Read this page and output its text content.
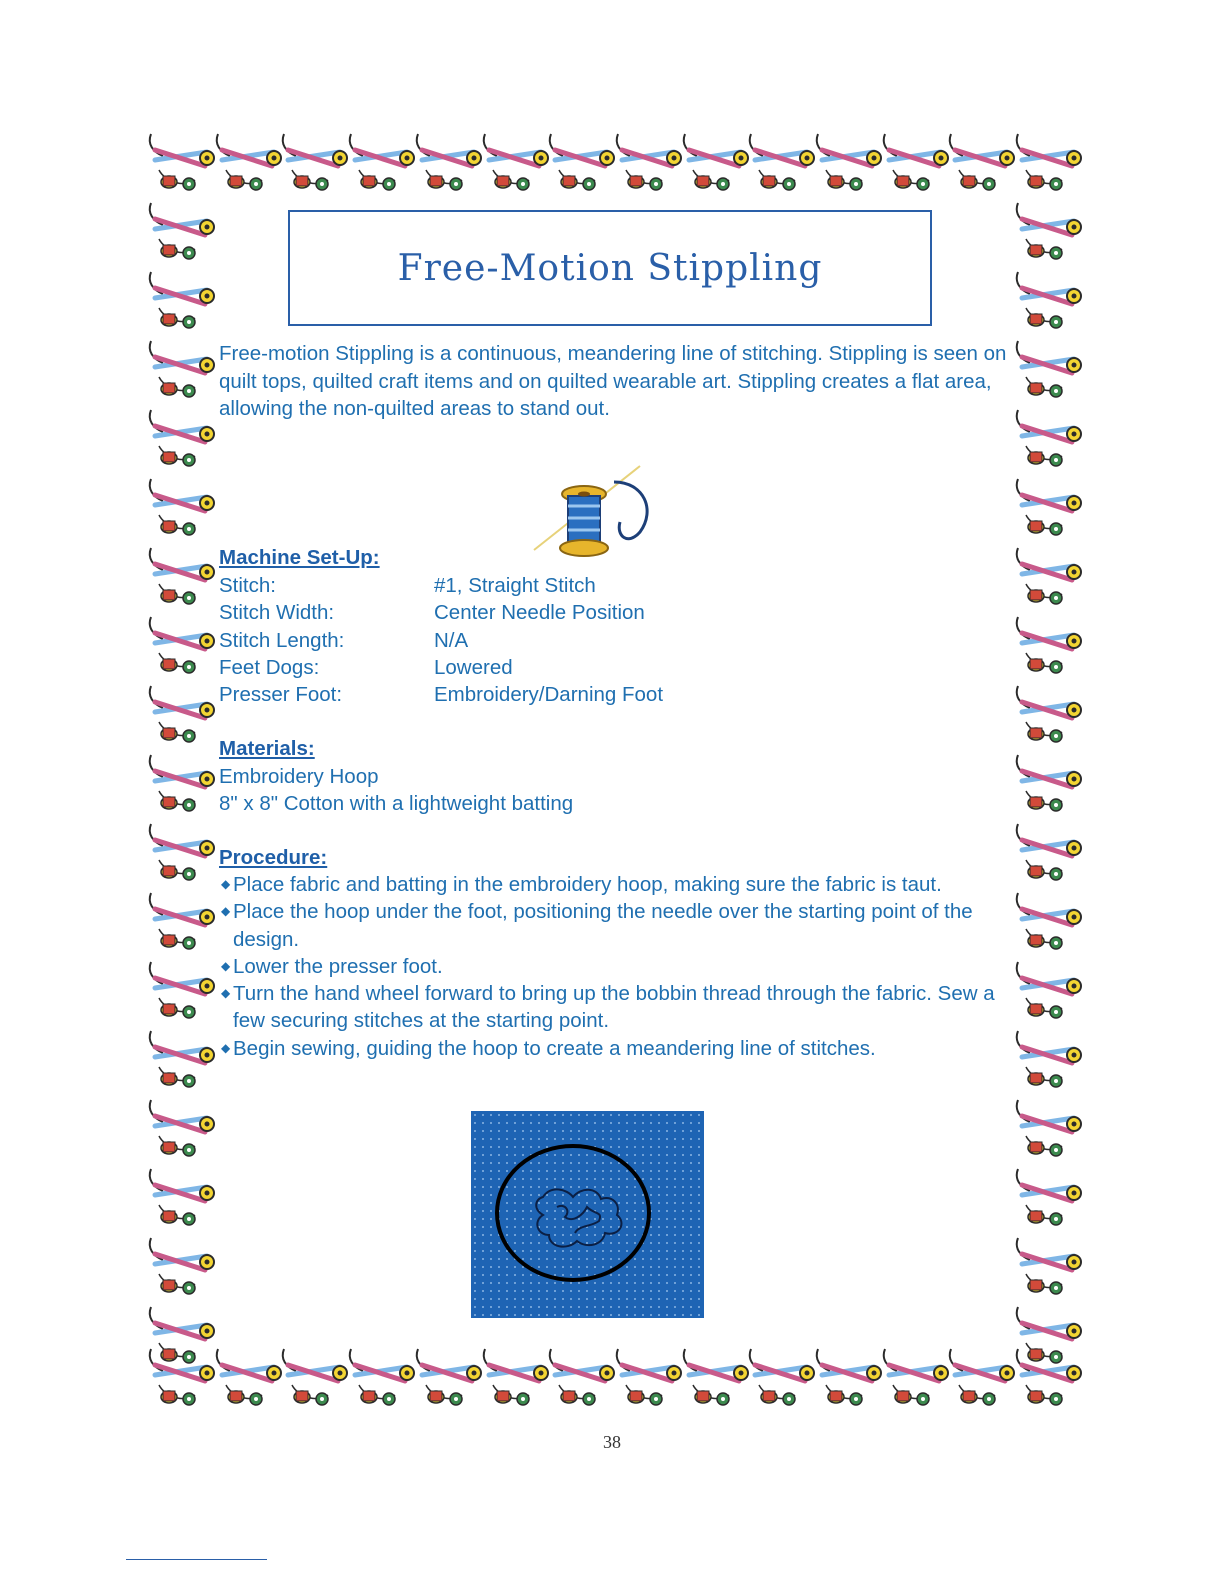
Free-Motion Stippling

Free-motion Stippling is a continuous, meandering line of stitching. Stippling is seen on quilt tops, quilted craft items and on quilted wearable art. Stippling creates a flat area, allowing the non-quilted areas to stand out.

Machine Set-Up:
Stitch:	#1, Straight Stitch
Stitch Width:	Center Needle Position
Stitch Length:	N/A
Feet Dogs:	Lowered
Presser Foot:	Embroidery/Darning Foot
Materials:
Embroidery Hoop
8" x 8" Cotton with a lightweight batting
Procedure:
◆ Place fabric and batting in the embroidery hoop, making sure the fabric is taut.
◆ Place the hoop under the foot, positioning the needle over the starting point of the design.
◆ Lower the presser foot.
◆ Turn the hand wheel forward to bring up the bobbin thread through the fabric. Sew a few securing stitches at the starting point.
◆ Begin sewing, guiding the hoop to create a meandering line of stitches.

38
